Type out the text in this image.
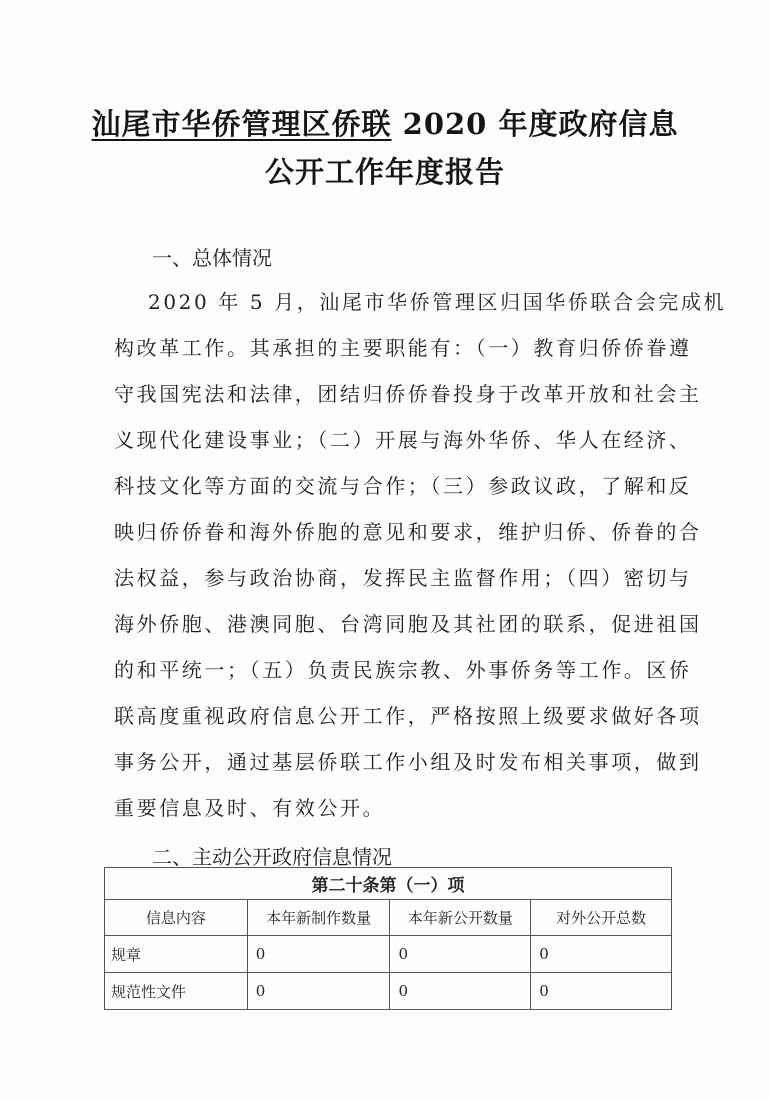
汕尾市华侨管理区侨联 2020 年度政府信息
公开工作年度报告
一、总体情况
2020 年 5 月，汕尾市华侨管理区归国华侨联合会完成机
构改革工作。其承担的主要职能有：（一）教育归侨侨眷遵
守我国宪法和法律，团结归侨侨眷投身于改革开放和社会主
义现代化建设事业；（二）开展与海外华侨、华人在经济、
科技文化等方面的交流与合作；（三）参政议政，了解和反
映归侨侨眷和海外侨胞的意见和要求，维护归侨、侨眷的合
法权益，参与政治协商，发挥民主监督作用；（四）密切与
海外侨胞、港澳同胞、台湾同胞及其社团的联系，促进祖国
的和平统一；（五）负责民族宗教、外事侨务等工作。区侨
联高度重视政府信息公开工作，严格按照上级要求做好各项
事务公开，通过基层侨联工作小组及时发布相关事项，做到
重要信息及时、有效公开。
二、主动公开政府信息情况
第二十条第（一）项			
信息内容	本年新制作数量	本年新公开数量	对外公开总数
规章	0	0	0
规范性文件	0	0	0
